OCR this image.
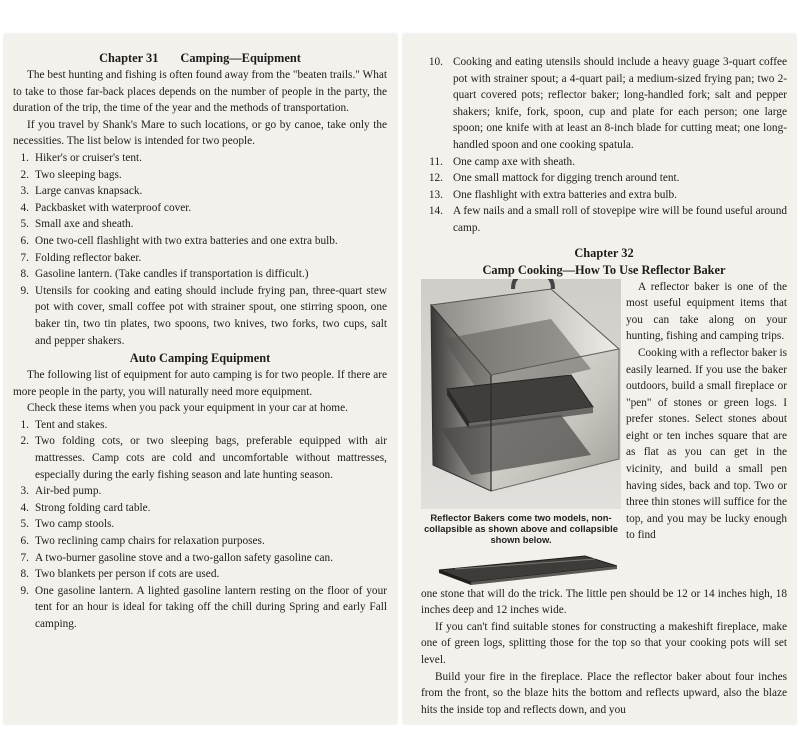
Chapter 31 Camping—Equipment

The best hunting and fishing is often found away from the "beaten trails." What to take to those far-back places depends on the number of people in the party, the duration of the trip, the time of the year and the methods of transportation.

If you travel by Shank's Mare to such locations, or go by canoe, take only the necessities. The list below is intended for two people.

1. Hiker's or cruiser's tent.
2. Two sleeping bags.
3. Large canvas knapsack.
4. Packbasket with waterproof cover.
5. Small axe and sheath.
6. One two-cell flashlight with two extra batteries and one extra bulb.
7. Folding reflector baker.
8. Gasoline lantern. (Take candles if transportation is difficult.)
9. Utensils for cooking and eating should include frying pan, three-quart stew pot with cover, small coffee pot with strainer spout, one stirring spoon, one baker tin, two tin plates, two spoons, two knives, two forks, two cups, salt and pepper shakers.
Auto Camping Equipment

The following list of equipment for auto camping is for two people. If there are more people in the party, you will naturally need more equipment.

Check these items when you pack your equipment in your car at home.

1. Tent and stakes.
2. Two folding cots, or two sleeping bags, preferable equipped with air mattresses. Camp cots are cold and uncomfortable without mattresses, especially during the early fishing season and late hunting season.
3. Air-bed pump.
4. Strong folding card table.
5. Two camp stools.
6. Two reclining camp chairs for relaxation purposes.
7. A two-burner gasoline stove and a two-gallon safety gasoline can.
8. Two blankets per person if cots are used.
9. One gasoline lantern. A lighted gasoline lantern resting on the floor of your tent for an hour is ideal for taking off the chill during Spring and early Fall camping.
10. Cooking and eating utensils should include a heavy guage 3-quart coffee pot with strainer spout; a 4-quart pail; a medium-sized frying pan; two 2-quart covered pots; reflector baker; long-handled fork; salt and pepper shakers; knife, fork, spoon, cup and plate for each person; one large spoon; one knife with at least an 8-inch blade for cutting meat; one long-handled spoon and one cooking spatula.
11. One camp axe with sheath.
12. One small mattock for digging trench around tent.
13. One flashlight with extra batteries and extra bulb.
14. A few nails and a small roll of stovepipe wire will be found useful around camp.
Chapter 32
Camp Cooking—How To Use Reflector Baker
Reflector Bakers come two models, non-collapsible as shown above and collapsible shown below.

A reflector baker is one of the most useful equipment items that you can take along on your hunting, fishing and camping trips.

Cooking with a reflector baker is easily learned. If you use the baker outdoors, build a small fireplace or "pen" of stones or green logs. I prefer stones. Select stones about eight or ten inches square that are as flat as you can get in the vicinity, and build a small pen having sides, back and top. Two or three thin stones will suffice for the top, and you may be lucky enough to find

one stone that will do the trick. The little pen should be 12 or 14 inches high, 18 inches deep and 12 inches wide.

If you can't find suitable stones for constructing a makeshift fireplace, make one of green logs, splitting those for the top so that your cooking pots will set level.

Build your fire in the fireplace. Place the reflector baker about four inches from the front, so the blaze hits the bottom and reflects upward, also the blaze hits the inside top and reflects down, and you
